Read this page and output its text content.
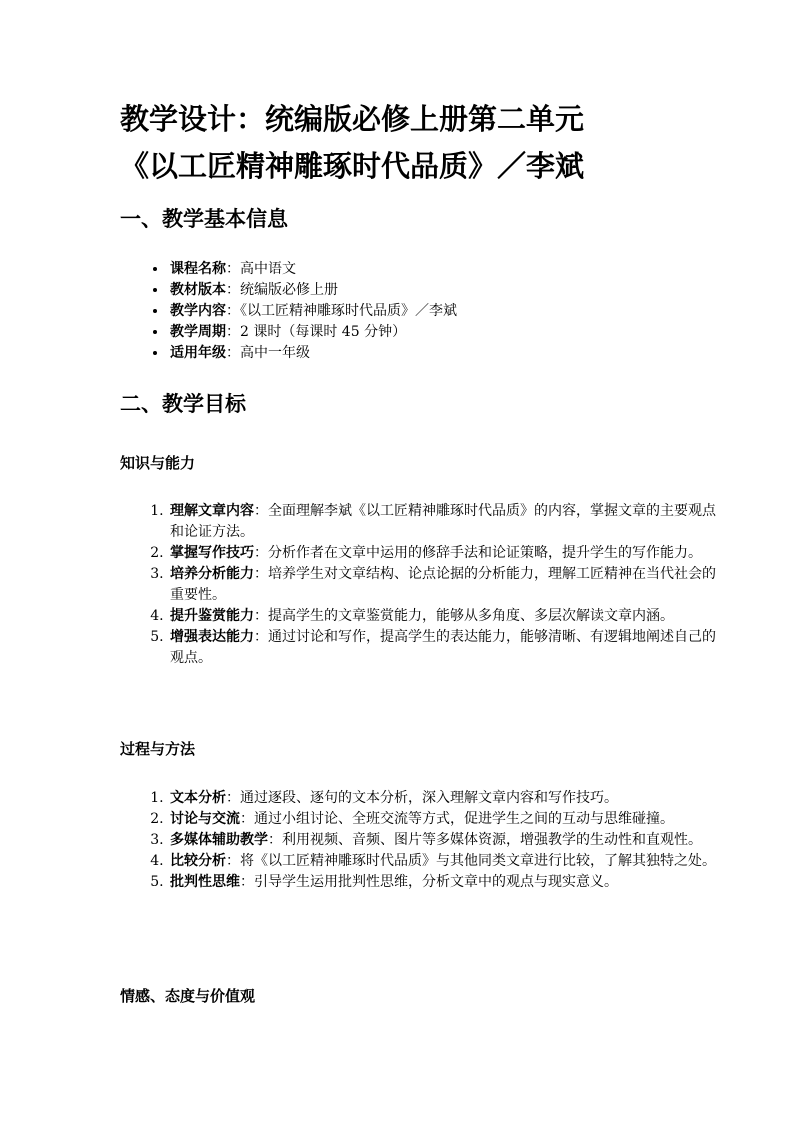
教学设计：统编版必修上册第二单元
《以工匠精神雕琢时代品质》／李斌
一、教学基本信息
• 课程名称：高中语文
• 教材版本：统编版必修上册
• 教学内容：《以工匠精神雕琢时代品质》／李斌
• 教学周期：2 课时（每课时 45 分钟）
• 适用年级：高中一年级
二、教学目标
知识与能力
1. 理解文章内容：全面理解李斌《以工匠精神雕琢时代品质》的内容，掌握文章的主要观点和论证方法。
2. 掌握写作技巧：分析作者在文章中运用的修辞手法和论证策略，提升学生的写作能力。
3. 培养分析能力：培养学生对文章结构、论点论据的分析能力，理解工匠精神在当代社会的重要性。
4. 提升鉴赏能力：提高学生的文章鉴赏能力，能够从多角度、多层次解读文章内涵。
5. 增强表达能力：通过讨论和写作，提高学生的表达能力，能够清晰、有逻辑地阐述自己的观点。
过程与方法
1. 文本分析：通过逐段、逐句的文本分析，深入理解文章内容和写作技巧。
2. 讨论与交流：通过小组讨论、全班交流等方式，促进学生之间的互动与思维碰撞。
3. 多媒体辅助教学：利用视频、音频、图片等多媒体资源，增强教学的生动性和直观性。
4. 比较分析：将《以工匠精神雕琢时代品质》与其他同类文章进行比较，了解其独特之处。
5. 批判性思维：引导学生运用批判性思维，分析文章中的观点与现实意义。
情感、态度与价值观
